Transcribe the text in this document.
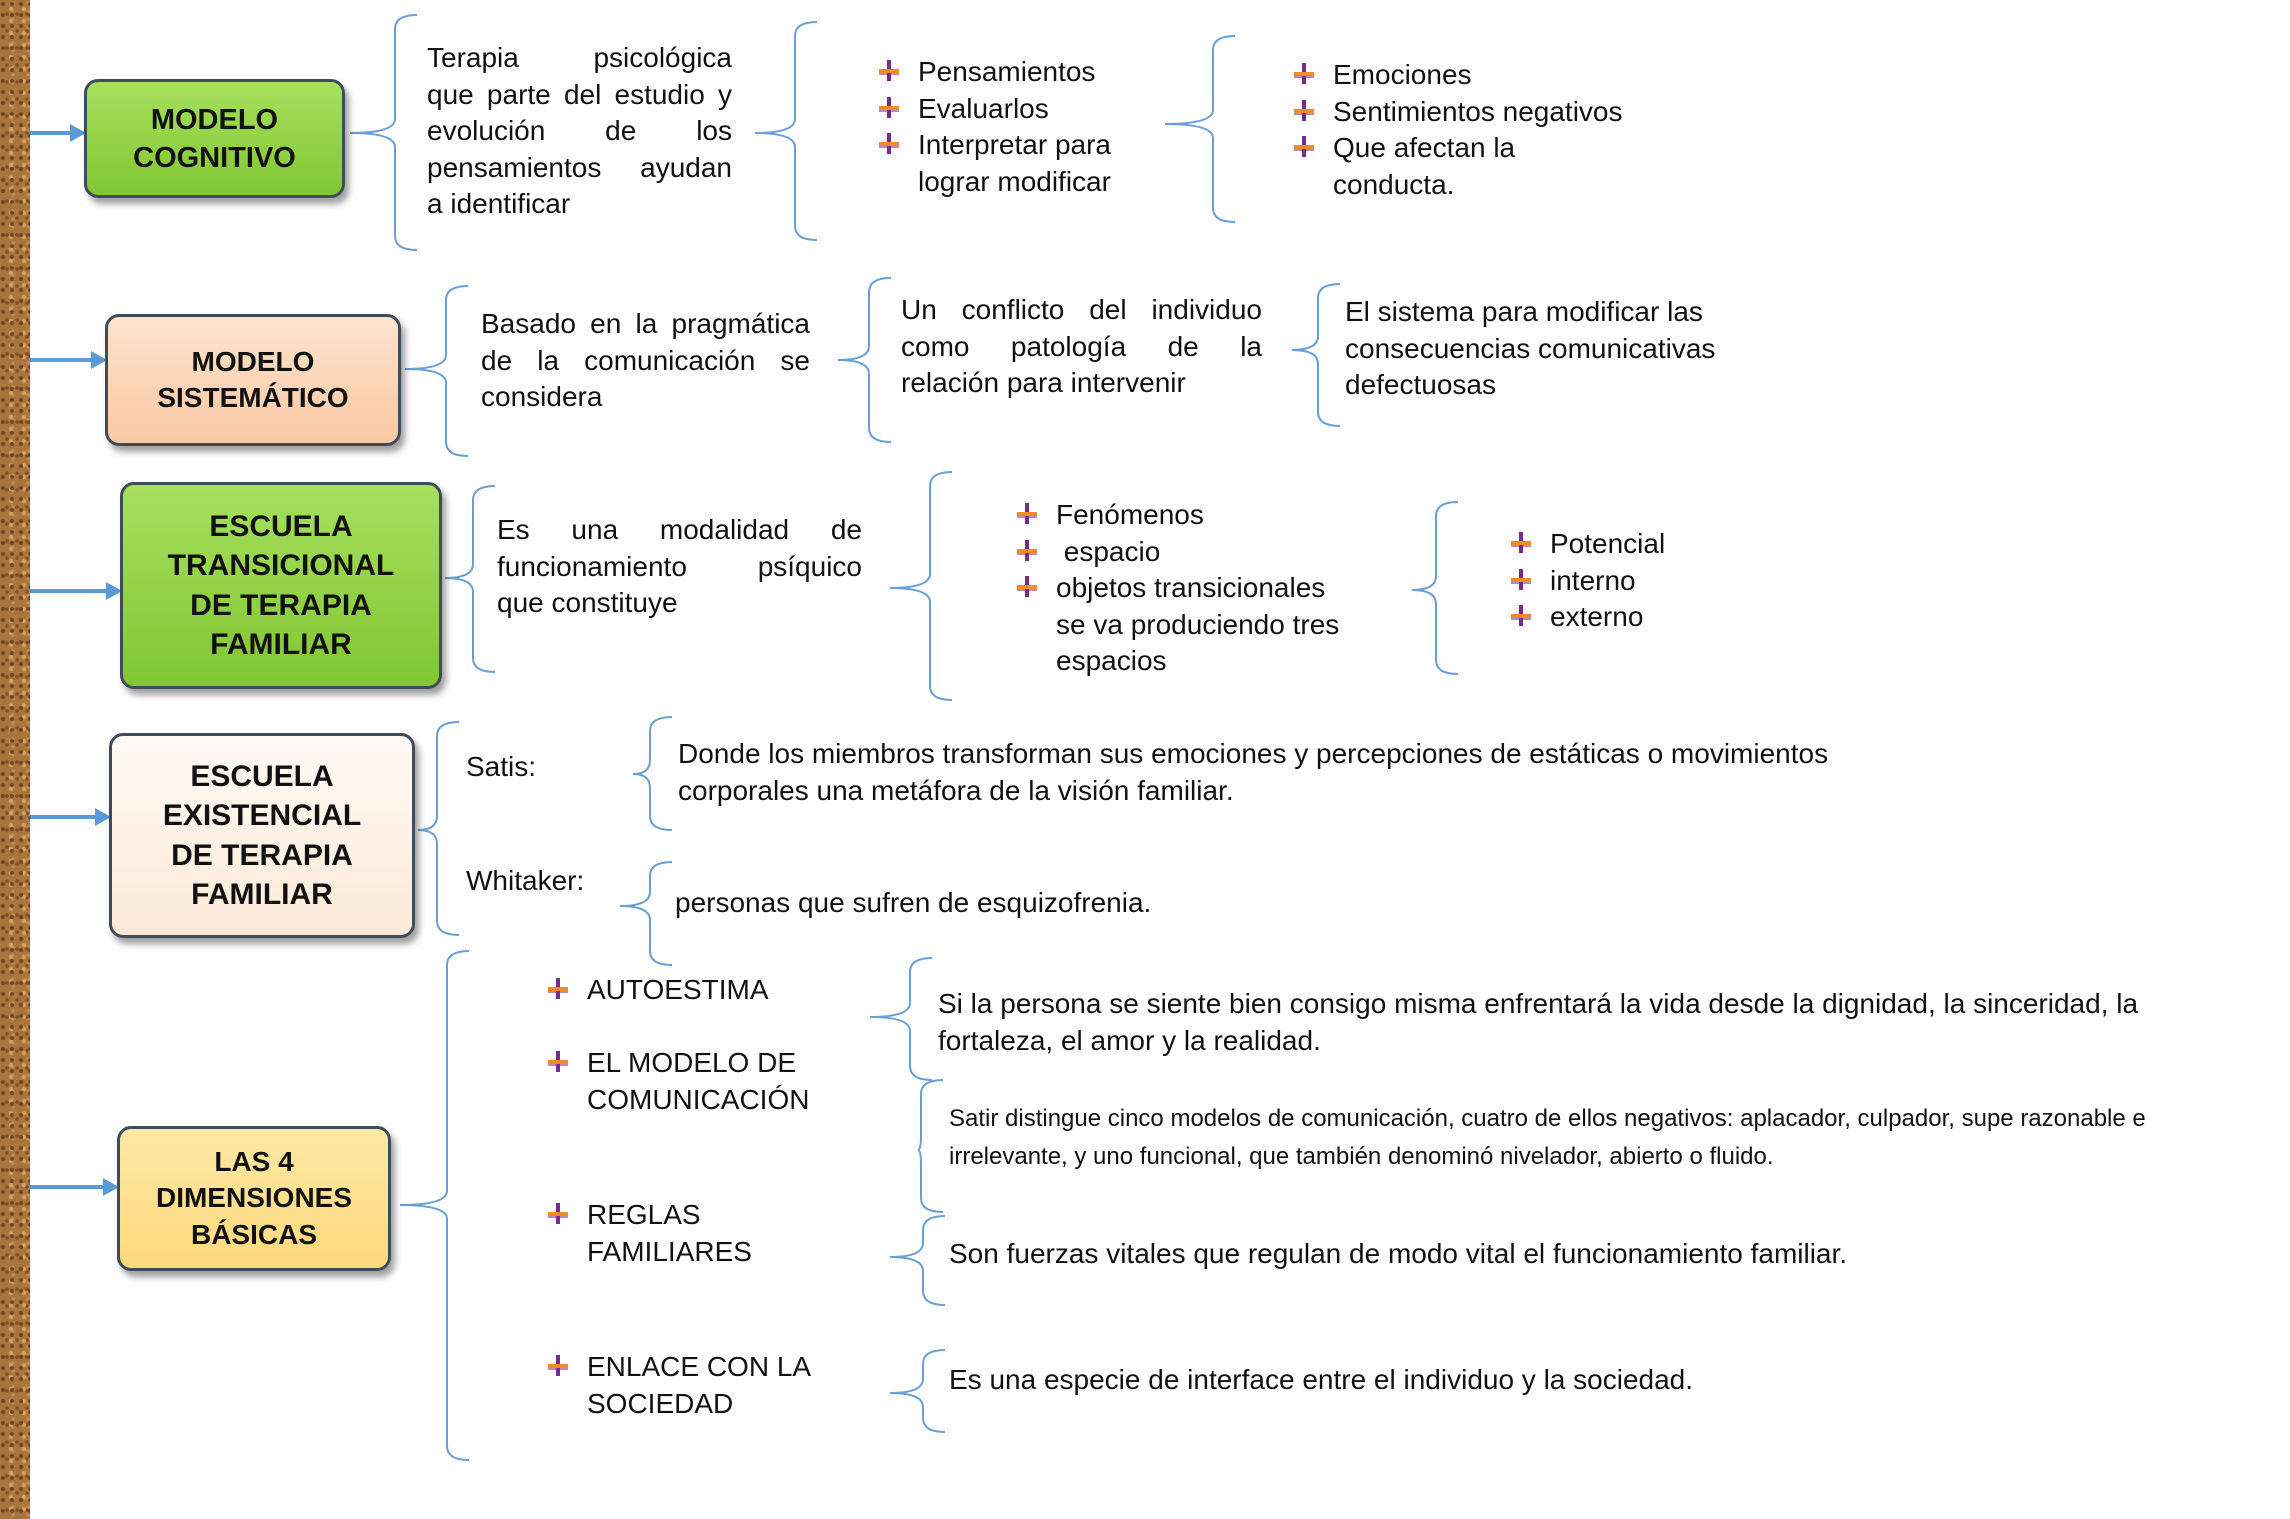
MODELO
COGNITIVO
Terapia psicológica
que parte del estudio y
evolución de los
pensamientos ayudan
a identificar
Pensamientos
Evaluarlos
Interpretar para
lograr modificar
Emociones
Sentimientos negativos
Que afectan la
conducta.
MODELO
SISTEMÁTICO
Basado en la pragmática
de la comunicación se
considera
Un conflicto del individuo
como patología de la
relación para intervenir
El sistema para modificar las
consecuencias comunicativas
defectuosas
ESCUELA
TRANSICIONAL
DE TERAPIA
FAMILIAR
Es una modalidad de
funcionamiento psíquico
que constituye
Fenómenos
espacio
objetos transicionales
se va produciendo tres
espacios
Potencial
interno
externo
ESCUELA
EXISTENCIAL
DE TERAPIA
FAMILIAR
Satis:	Donde los miembros transforman sus emociones y percepciones de estáticas o movimientos
corporales una metáfora de la visión familiar.
Whitaker:
personas que sufren de esquizofrenia.
LAS 4
DIMENSIONES
BÁSICAS
AUTOESTIMA
EL MODELO DE
COMUNICACIÓN
REGLAS
FAMILIARES
ENLACE CON LA
SOCIEDAD
Si la persona se siente bien consigo misma enfrentará la vida desde la dignidad, la sinceridad, la
fortaleza, el amor y la realidad.
Satir distingue cinco modelos de comunicación, cuatro de ellos negativos: aplacador, culpador, supe razonable e
irrelevante, y uno funcional, que también denominó nivelador, abierto o fluido.
Son fuerzas vitales que regulan de modo vital el funcionamiento familiar.
Es una especie de interface entre el individuo y la sociedad.
